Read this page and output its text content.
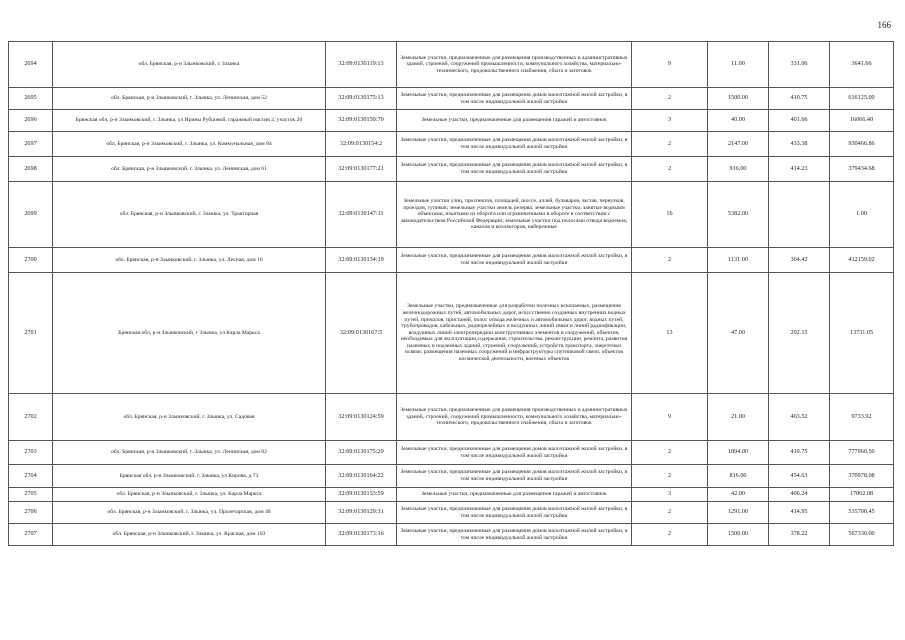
166
2694	обл. Брянская, р-н Злынковский, г. Злынка	32:09:0130119:13	Земельные участки, предназначенные для размещения производственных и административных зданий, строений, сооружений промышленности, коммунального хозяйства, материально-технического, продовольственного снабжения, сбыта и заготовок	9	11.00	331.06	3641.66
2695	обл. Брянская, р-н Злынковский, г. Злынка, ул. Ленинская, дом 52	32:09:0130175:13	Земельные участки, предназначенные для размещения домов малоэтажной жилой застройки, в том числе индивидуальной жилой застройки	2	1500.00	410.75	616125.00
2696	Брянская обл, р-н Злынковский, г. Злынка, ул Ирины Рубцовой, гаражный массив 2, участок 20	32:09:0130150:70	Земельные участки, предназначенные для размещения гаражей и автостоянок	3	40.00	401.66	16066.40
2697	обл. Брянская, р-н Злынковский, г. Злынка, ул. Коммунальная, дом 84	32:09:0130154:2	Земельные участки, предназначенные для размещения домов малоэтажной жилой застройки, в том числе индивидуальной жилой застройки	2	2147.00	433.38	930466.86
2698	обл. Брянская, р-н Злынковский, г. Злынка, ул. Ленинская, дом 61	32:09:0130177:21	Земельные участки, предназначенные для размещения домов малоэтажной жилой застройки, в том числе индивидуальной жилой застройки	2	916.00	414.23	379434.68
2699	обл. Брянская, р-н Злынковский, г. Злынка, ул. Тракторная	32:09:0130147:11	Земельные участки улиц, проспектов, площадей, шоссе, аллей, бульваров, застав, переулков, проездов, тупиков; земельные участки земель резерва; земельные участки, занятые водными объектами, изъятыми из оборота или ограниченными в обороте в соответствии с законодательством Российской Федерации; земельные участки под полосами отвода водоемов, каналов и коллекторов, набережные	16	5382.00		1.00
2700	обл. Брянская, р-н Злынковский, г. Злынка, ул. Лесная, дом 16	32:09:0130134:19	Земельные участки, предназначенные для размещения домов малоэтажной жилой застройки, в том числе индивидуальной жилой застройки	2	1131.00	364.42	412159.02
2701	Брянская обл, р-н Злынковский, г Злынка, ул Карла Маркса	32:09:0130167:5	Земельные участки, предназначенные для разработки полезных ископаемых, размещения железнодорожных путей, автомобильных дорог, искусственно созданных внутренних водных путей, причалов, пристаней, полос отвода железных и автомобильных дорог, водных путей, трубопроводов, кабельных, радиорелейных и воздушных линий связи и линий радиофикации, воздушных линий электропередачи конструктивных элементов и сооружений, объектов, необходимых для эксплуатации,содержания, строительства, реконструкции, ремонта, развития наземных и подземных зданий, строений, сооружений, устройств транспорта, энергетики исвязи; размещения наземных сооружений и инфраструктуры спутниковой связи, объектов космической деятельности, военных объектов	13	47.00	292.15	13731.05
2702	обл. Брянская, р-н Злынковский, г. Злынка, ул. Садовая	32:09:0130124:59	Земельные участки, предназначенные для размещения производственных и административных зданий, строений, сооружений промышленности, коммунального хозяйства, материально-технического, продовольственного снабжения, сбыта и заготовок	9	21.00	463.52	9733.92
2703	обл. Брянская, р-н Злынковский, г. Злынка, ул. Ленинская, дом 82	32:09:0130175:29	Земельные участки, предназначенные для размещения домов малоэтажной жилой застройки, в том числе индивидуальной жилой застройки	2	1894.00	410.75	777960.50
2704	Брянская обл, р-н Злынковский, г. Злынка, ул Кирова, д 73	32:09:0130164:22	Земельные участки, предназначенные для размещения домов малоэтажной жилой застройки, в том числе индивидуальной жилой застройки	2	816.00	454.63	370978.08
2705	обл. Брянская, р-н Злынковский, г. Злынка, ул. Карла Маркса	32:09:0130153:59	Земельные участки, предназначенные для размещения гаражей и автостоянок	3	42.00	406.24	17062.08
2706	обл. Брянская, р-н Злынковский, г. Злынка, ул. Пролетарская, дом 48	32:09:0130129:31	Земельные участки, предназначенные для размещения домов малоэтажной жилой застройки, в том числе индивидуальной жилой застройки	2	1291.00	414.95	535700.45
2707	обл. Брянская, р-н Злынковский, г. Злынка, ул. Красная, дом 103	32:09:0130173:16	Земельные участки, предназначенные для размещения домов малоэтажной жилой застройки, в том числе индивидуальной жилой застройки	2	1500.00	378.22	567330.00
